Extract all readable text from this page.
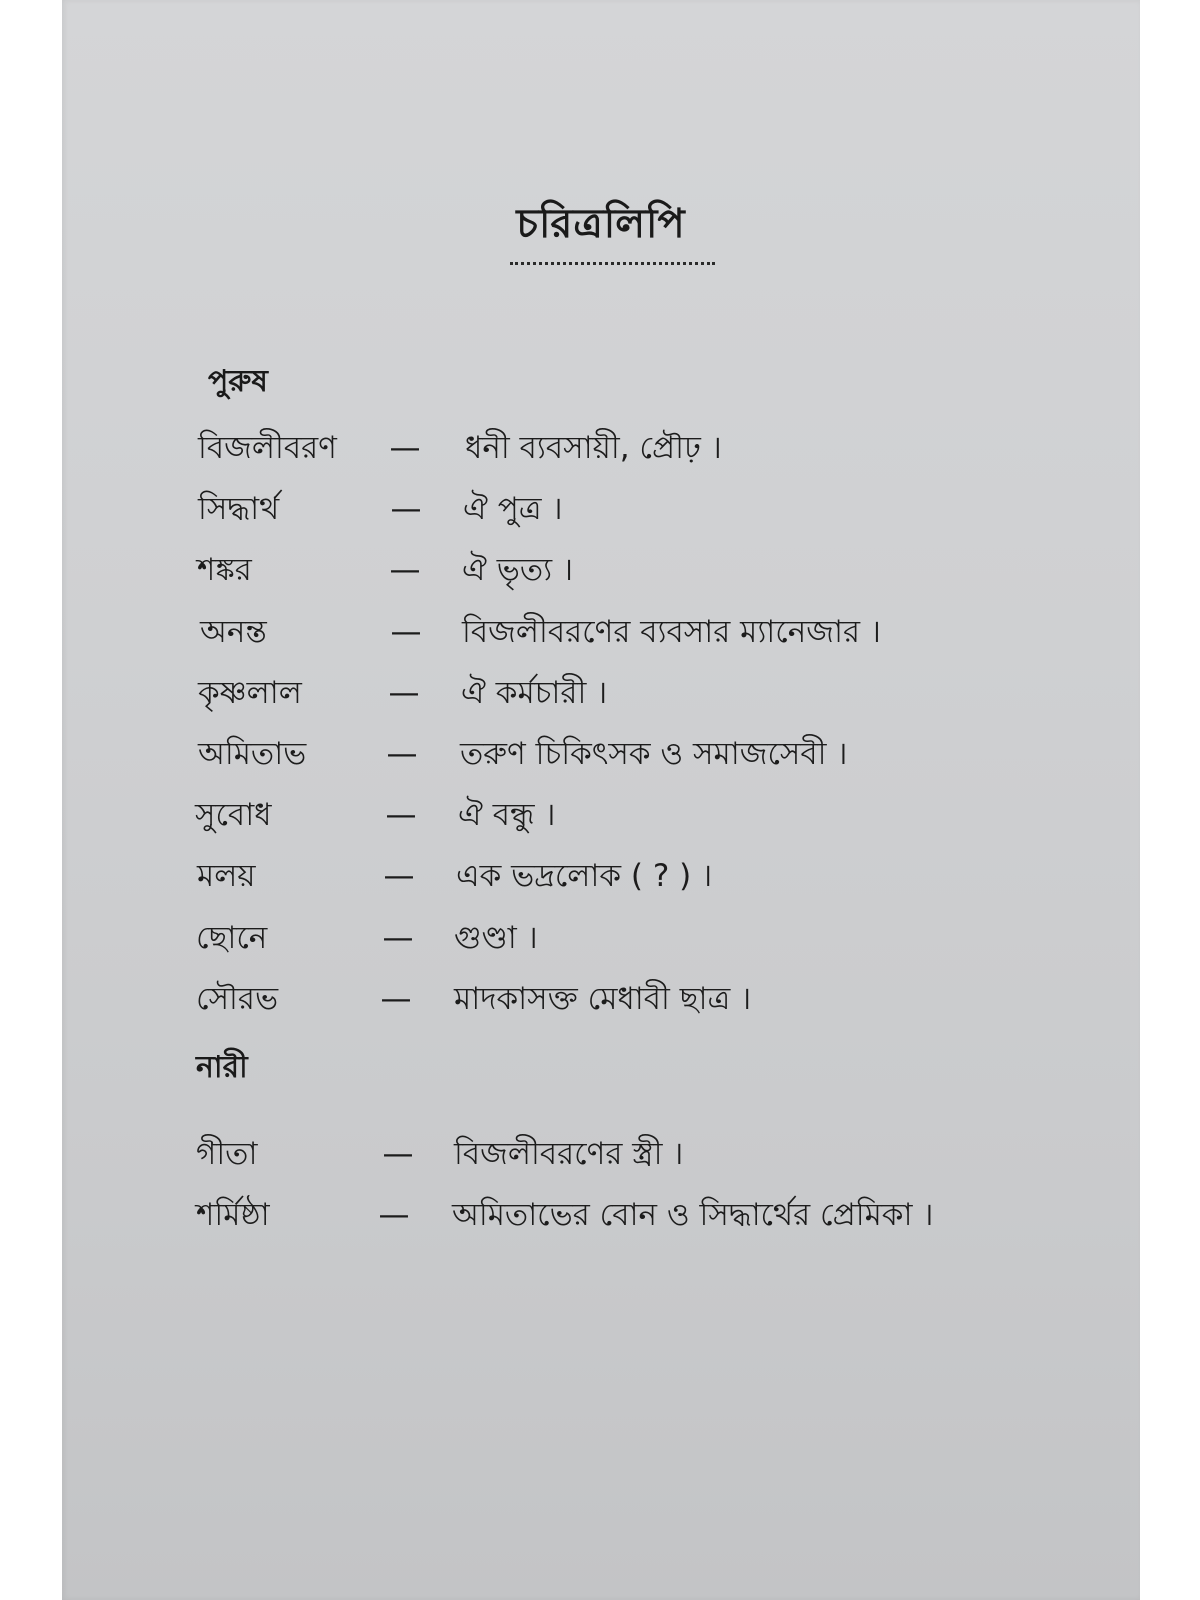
চরিত্রলিপি
পুরুষ
বিজলীবরণ — ধনী ব্যবসায়ী, প্রৌঢ় ।
সিদ্ধার্থ	— ঐ পুত্র ।
শঙ্কর	— ঐ ভৃত্য ।
অনন্ত	— বিজলীবরণের ব্যবসার ম্যানেজার ।
কৃষ্ণলাল	— ঐ কর্মচারী ।
অমিতাভ	— তরুণ চিকিৎসক ও সমাজসেবী ।
সুবোধ	— ঐ বন্ধু ।
মলয়	— এক ভদ্রলোক ( ? ) ।
ছোনে	— গুণ্ডা ।
সৌরভ	— মাদকাসক্ত মেধাবী ছাত্র ।
নারী
গীতা	— বিজলীবরণের স্ত্রী ।
শর্মিষ্ঠা	— অমিতাভের বোন ও সিদ্ধার্থের প্রেমিকা ।
